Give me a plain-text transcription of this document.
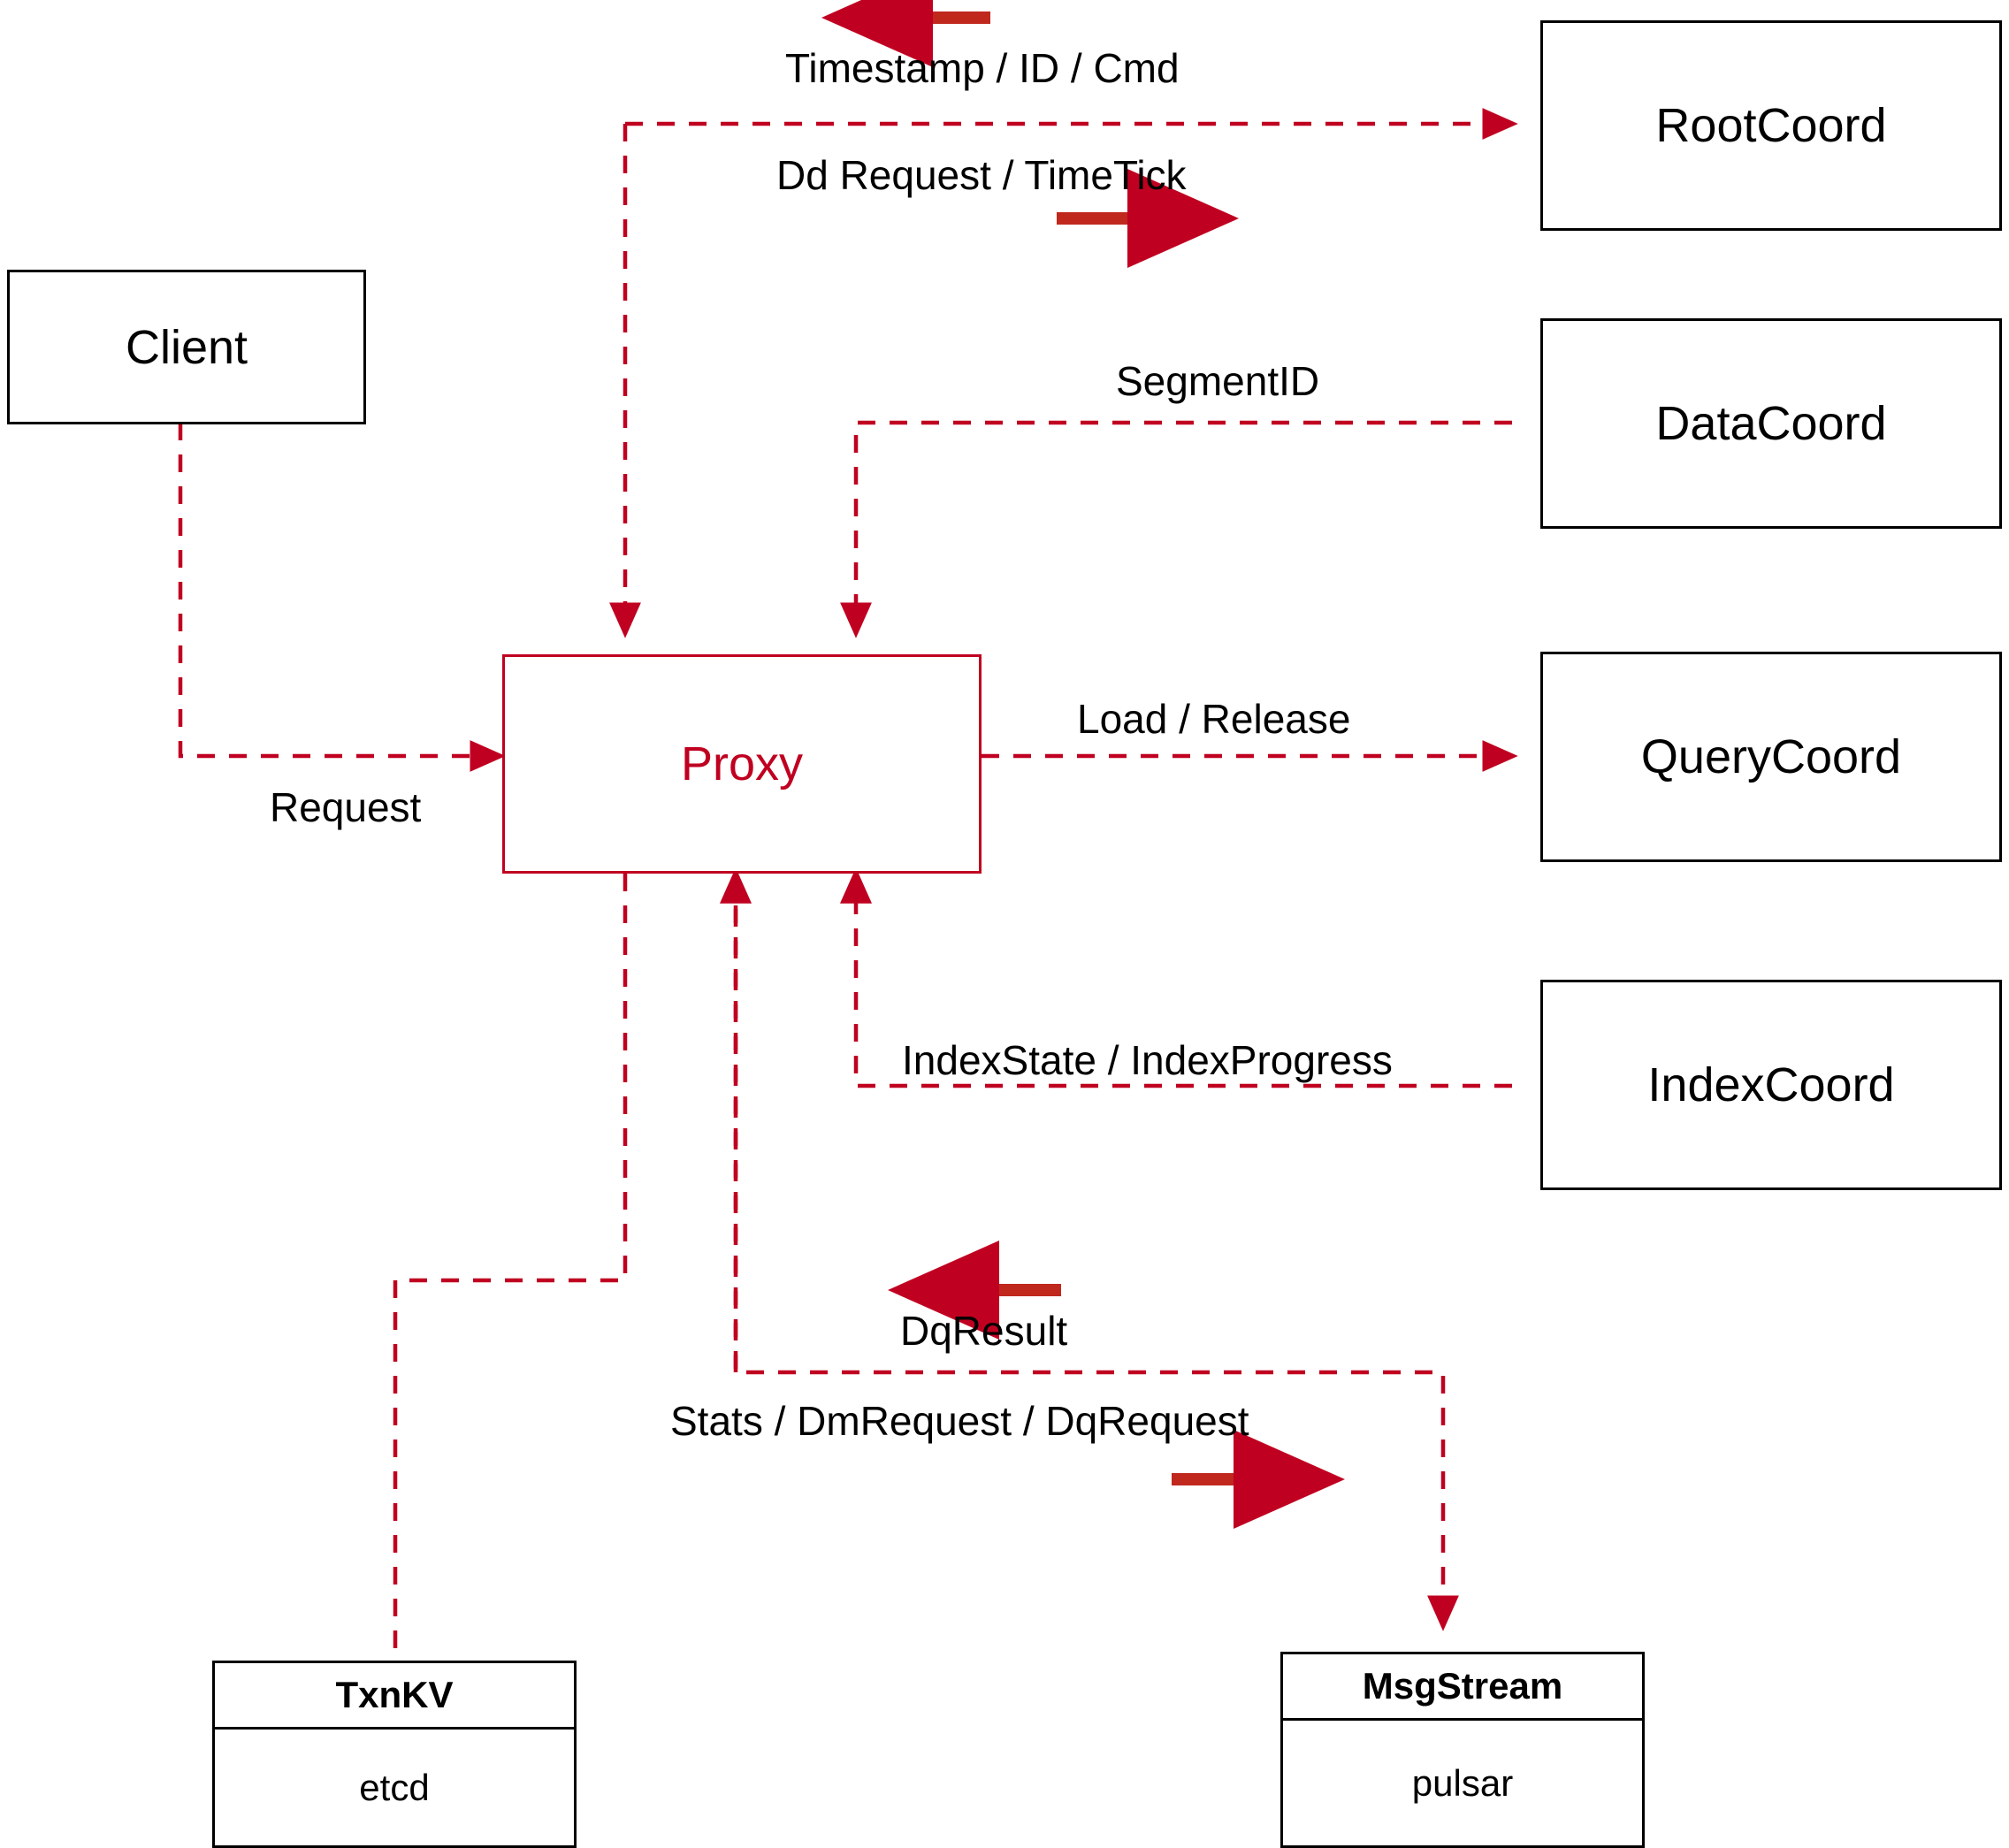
Client
Proxy
RootCoord
DataCoord
QueryCoord
IndexCoord
TxnKV
etcd
MsgStream
pulsar
Timestamp / ID / Cmd
Dd Request / TimeTick
SegmentID
Request
Load / Release
IndexState / IndexProgress
DqResult
Stats / DmRequest / DqRequest
